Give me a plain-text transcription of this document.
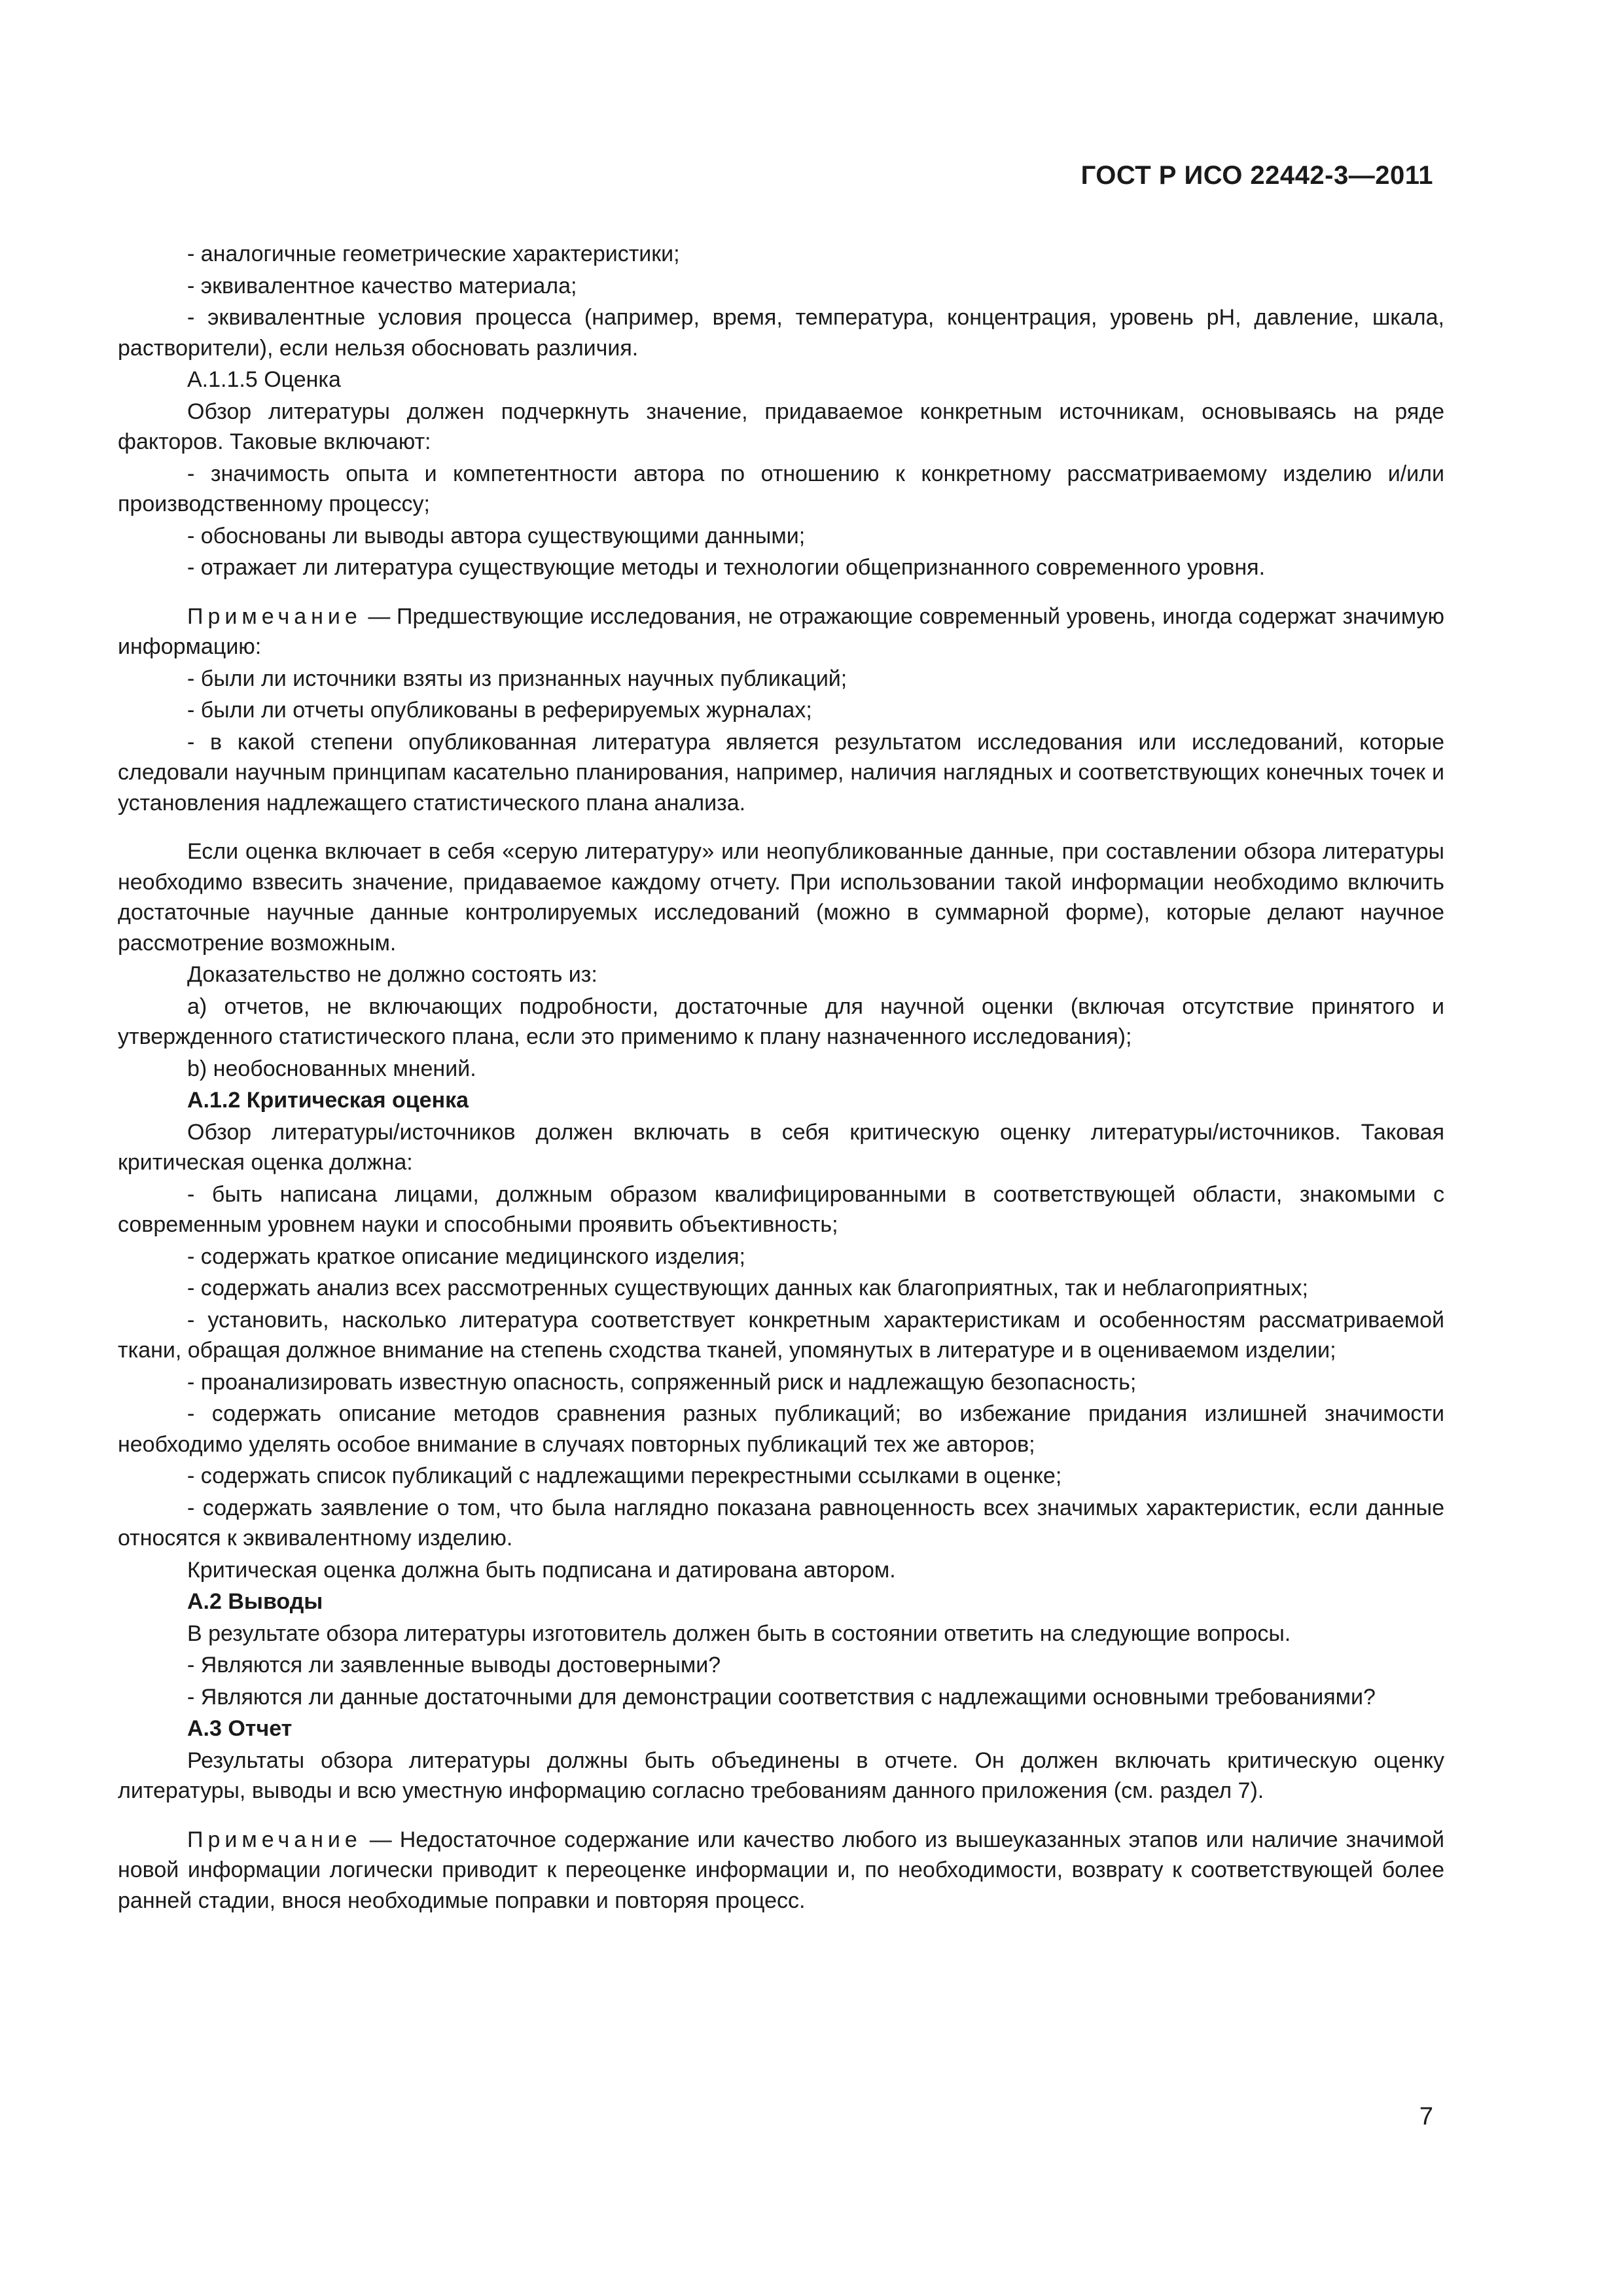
ГОСТ Р ИСО 22442-3—2011

- аналогичные геометрические характеристики;

- эквивалентное качество материала;

- эквивалентные условия процесса (например, время, температура, концентрация, уровень pH, давление, шкала, растворители), если нельзя обосновать различия.

A.1.1.5 Оценка

Обзор литературы должен подчеркнуть значение, придаваемое конкретным источникам, основываясь на ряде факторов. Таковые включают:

- значимость опыта и компетентности автора по отношению к конкретному рассматриваемому изделию и/или производственному процессу;

- обоснованы ли выводы автора существующими данными;

- отражает ли литература существующие методы и технологии общепризнанного современного уровня.

Примечание — Предшествующие исследования, не отражающие современный уровень, иногда содержат значимую информацию:

- были ли источники взяты из признанных научных публикаций;

- были ли отчеты опубликованы в реферируемых журналах;

- в какой степени опубликованная литература является результатом исследования или исследований, которые следовали научным принципам касательно планирования, например, наличия наглядных и соответствующих конечных точек и установления надлежащего статистического плана анализа.

Если оценка включает в себя «серую литературу» или неопубликованные данные, при составлении обзора литературы необходимо взвесить значение, придаваемое каждому отчету. При использовании такой информации необходимо включить достаточные научные данные контролируемых исследований (можно в суммарной форме), которые делают научное рассмотрение возможным.

Доказательство не должно состоять из:

a) отчетов, не включающих подробности, достаточные для научной оценки (включая отсутствие принятого и утвержденного статистического плана, если это применимо к плану назначенного исследования);

b) необоснованных мнений.

A.1.2 Критическая оценка

Обзор литературы/источников должен включать в себя критическую оценку литературы/источников. Таковая критическая оценка должна:

- быть написана лицами, должным образом квалифицированными в соответствующей области, знакомыми с современным уровнем науки и способными проявить объективность;

- содержать краткое описание медицинского изделия;

- содержать анализ всех рассмотренных существующих данных как благоприятных, так и неблагоприятных;

- установить, насколько литература соответствует конкретным характеристикам и особенностям рассматриваемой ткани, обращая должное внимание на степень сходства тканей, упомянутых в литературе и в оцениваемом изделии;

- проанализировать известную опасность, сопряженный риск и надлежащую безопасность;

- содержать описание методов сравнения разных публикаций; во избежание придания излишней значимости необходимо уделять особое внимание в случаях повторных публикаций тех же авторов;

- содержать список публикаций с надлежащими перекрестными ссылками в оценке;

- содержать заявление о том, что была наглядно показана равноценность всех значимых характеристик, если данные относятся к эквивалентному изделию.

Критическая оценка должна быть подписана и датирована автором.

A.2 Выводы

В результате обзора литературы изготовитель должен быть в состоянии ответить на следующие вопросы.

- Являются ли заявленные выводы достоверными?

- Являются ли данные достаточными для демонстрации соответствия с надлежащими основными требованиями?

A.3 Отчет

Результаты обзора литературы должны быть объединены в отчете. Он должен включать критическую оценку литературы, выводы и всю уместную информацию согласно требованиям данного приложения (см. раздел 7).

Примечание — Недостаточное содержание или качество любого из вышеуказанных этапов или наличие значимой новой информации логически приводит к переоценке информации и, по необходимости, возврату к соответствующей более ранней стадии, внося необходимые поправки и повторяя процесс.

7
